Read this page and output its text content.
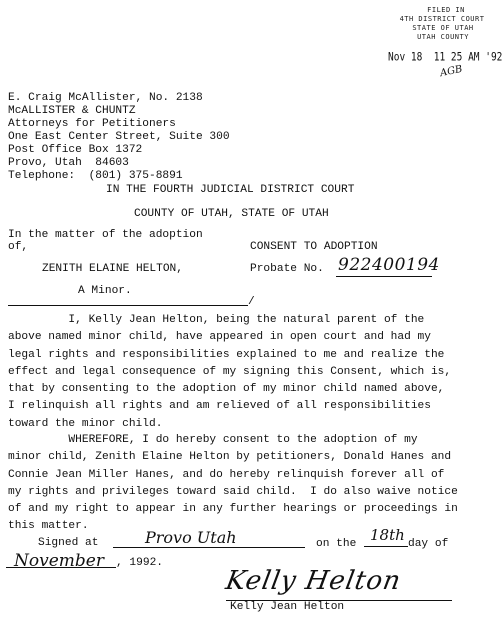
FILED IN
4TH DISTRICT COURT
STATE OF UTAH
UTAH COUNTY
Nov 18  11 25 AM '92
AGB
E. Craig McAllister, No. 2138
McALLISTER & CHUNTZ
Attorneys for Petitioners
One East Center Street, Suite 300
Post Office Box 1372
Provo, Utah  84603
Telephone:  (801) 375-8891
IN THE FOURTH JUDICIAL DISTRICT COURT
COUNTY OF UTAH, STATE OF UTAH
In the matter of the adoption
of,	CONSENT TO ADOPTION
ZENITH ELAINE HELTON,	Probate No. 922400194
A Minor.
/
I, Kelly Jean Helton, being the natural parent of the
above named minor child, have appeared in open court and had my
legal rights and responsibilities explained to me and realize the
effect and legal consequence of my signing this Consent, which is,
that by consenting to the adoption of my minor child named above,
I relinquish all rights and am relieved of all responsibilities
toward the minor child.
WHEREFORE, I do hereby consent to the adoption of my
minor child, Zenith Elaine Helton by petitioners, Donald Hanes and
Connie Jean Miller Hanes, and do hereby relinquish forever all of
my rights and privileges toward said child.  I do also waive notice
of and my right to appear in any further hearings or proceedings in
this matter.
Signed at	Provo Utah	on the 18th day of
November , 1992.
Kelly Helton
Kelly Jean Helton
